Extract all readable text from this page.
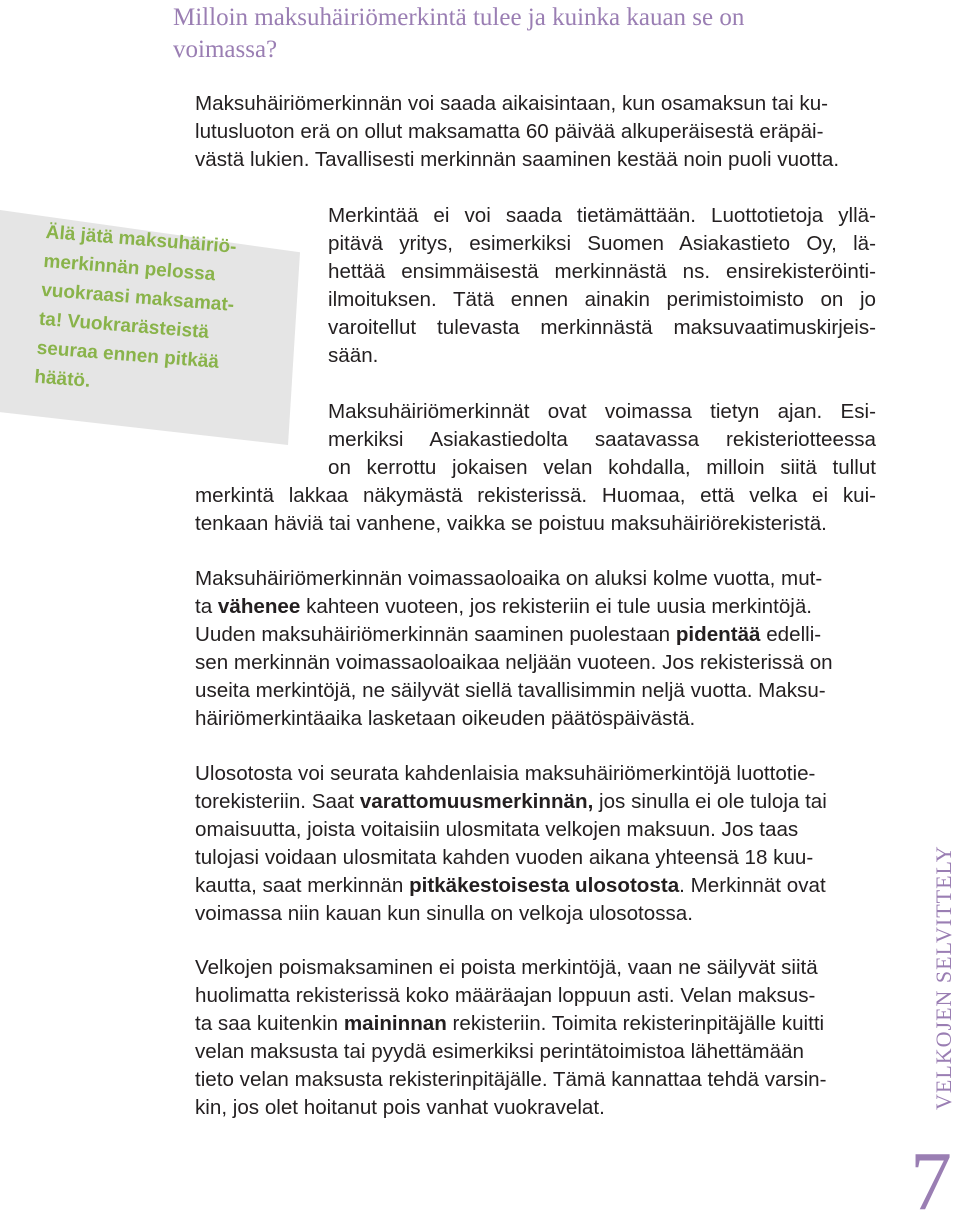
Milloin maksuhäiriömerkintä tulee ja kuinka kauan se on
voimassa?

Maksuhäiriömerkinnän voi saada aikaisintaan, kun osamaksun tai ku-
lutusluoton erä on ollut maksamatta 60 päivää alkuperäisestä eräpäi-
västä lukien. Tavallisesti merkinnän saaminen kestää noin puoli vuotta.

Älä jätä maksuhäiriö-
merkinnän pelossa
vuokraasi maksamat-
ta! Vuokrarästeistä
seuraa ennen pitkää
häätö.

Merkintää ei voi saada tietämättään. Luottotietoja yllä-
pitävä yritys, esimerkiksi Suomen Asiakastieto Oy, lä-
hettää ensimmäisestä merkinnästä ns. ensirekisteröinti-
ilmoituksen. Tätä ennen ainakin perimistoimisto on jo
varoitellut tulevasta merkinnästä maksuvaatimuskirjeis-
sään.

Maksuhäiriömerkinnät ovat voimassa tietyn ajan. Esi-
merkiksi Asiakastiedolta saatavassa rekisteriotteessa
on kerrottu jokaisen velan kohdalla, milloin siitä tullut
merkintä lakkaa näkymästä rekisterissä. Huomaa, että velka ei kui-
tenkaan häviä tai vanhene, vaikka se poistuu maksuhäiriörekisteristä.

Maksuhäiriömerkinnän voimassaoloaika on aluksi kolme vuotta, mut-
ta vähenee kahteen vuoteen, jos rekisteriin ei tule uusia merkintöjä.
Uuden maksuhäiriömerkinnän saaminen puolestaan pidentää edelli-
sen merkinnän voimassaoloaikaa neljään vuoteen. Jos rekisterissä on
useita merkintöjä, ne säilyvät siellä tavallisimmin neljä vuotta. Maksu-
häiriömerkintäaika lasketaan oikeuden päätöspäivästä.

Ulosotosta voi seurata kahdenlaisia maksuhäiriömerkintöjä luottotie-
torekisteriin. Saat varattomuusmerkinnän, jos sinulla ei ole tuloja tai
omaisuutta, joista voitaisiin ulosmitata velkojen maksuun. Jos taas
tulojasi voidaan ulosmitata kahden vuoden aikana yhteensä 18 kuu-
kautta, saat merkinnän pitkäkestoisesta ulosotosta. Merkinnät ovat
voimassa niin kauan kun sinulla on velkoja ulosotossa.

Velkojen poismaksaminen ei poista merkintöjä, vaan ne säilyvät siitä
huolimatta rekisterissä koko määräajan loppuun asti. Velan maksus-
ta saa kuitenkin maininnan rekisteriin. Toimita rekisterinpitäjälle kuitti
velan maksusta tai pyydä esimerkiksi perintätoimistoa lähettämään
tieto velan maksusta rekisterinpitäjälle. Tämä kannattaa tehdä varsin-
kin, jos olet hoitanut pois vanhat vuokravelat.	VELKOJEN SELVITTELY
7
